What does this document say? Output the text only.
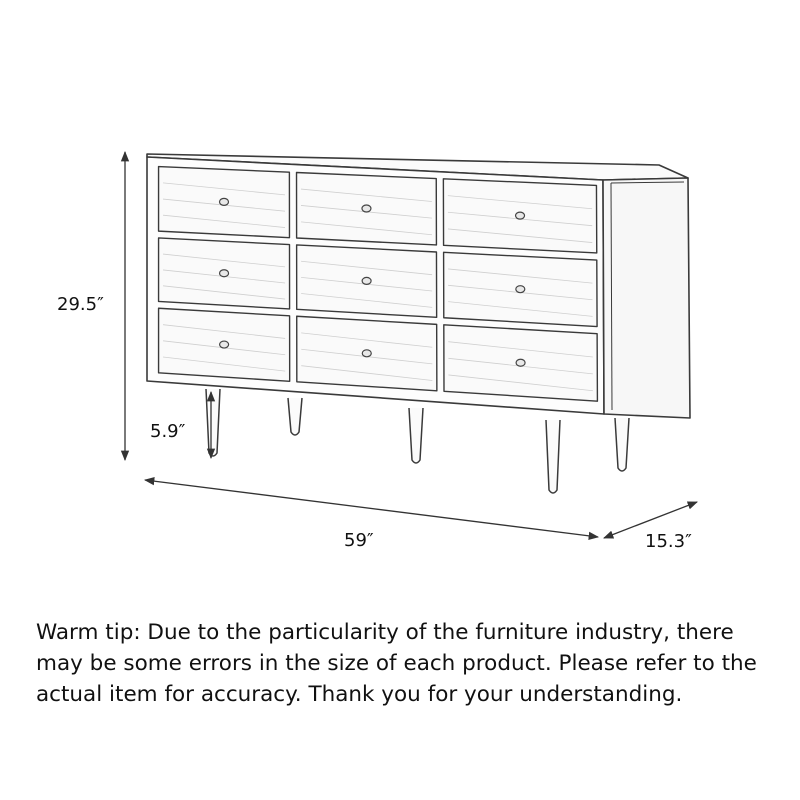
29.5″
5.9″
59″	15.3″
Warm tip: Due to the particularity of the furniture industry, there may be some errors in the size of each product. Please refer to the actual item for accuracy. Thank you for your understanding.
